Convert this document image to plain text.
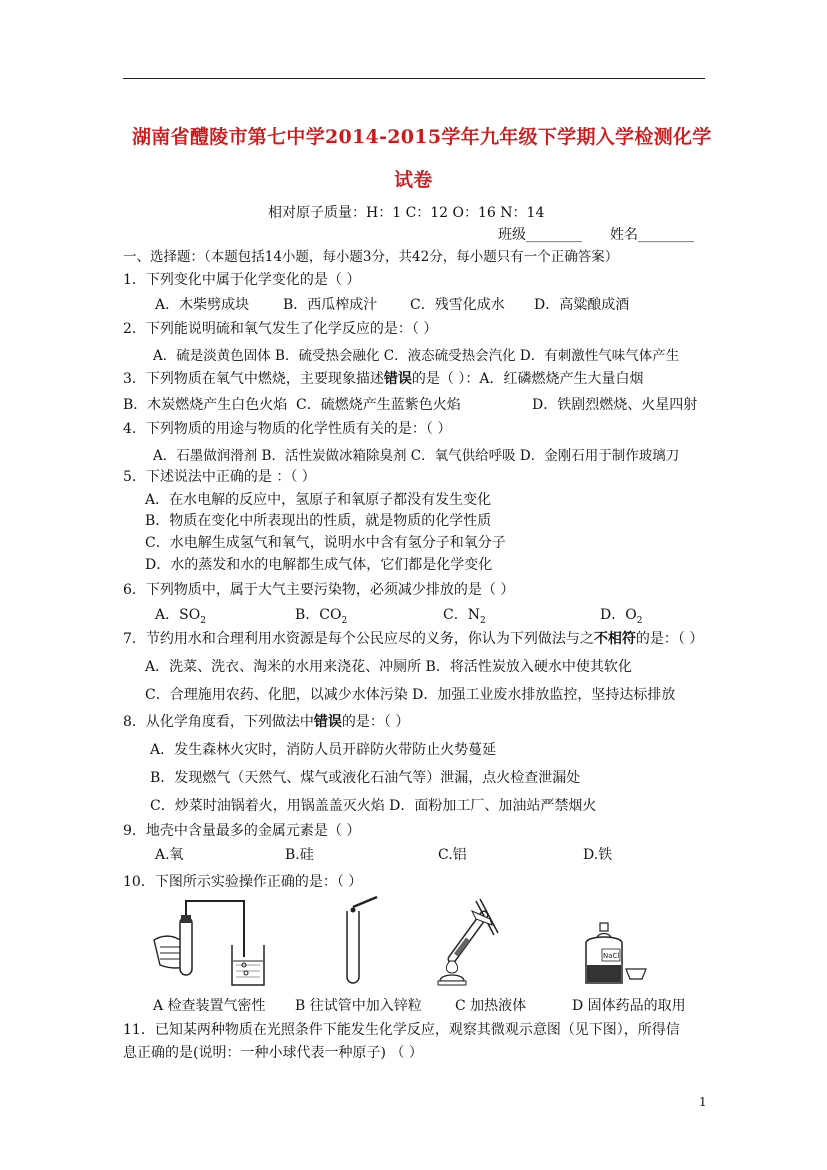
湖南省醴陵市第七中学2014-2015学年九年级下学期入学检测化学
试卷
相对原子质量：H：1 C：12 O：16 N：14
班级________ 姓名________
一、选择题：（本题包括14小题，每小题3分，共42分，每小题只有一个正确答案）
1．下列变化中属于化学变化的是（ ）
A．木柴劈成块 B．西瓜榨成汁 C．残雪化成水 D．高粱酿成酒
2．下列能说明硫和氧气发生了化学反应的是：（ ）
A．硫是淡黄色固体 B．硫受热会融化 C．液态硫受热会汽化 D．有刺激性气味气体产生
3．下列物质在氧气中燃烧，主要现象描述错误的是（ ）：A．红磷燃烧产生大量白烟
B．木炭燃烧产生白色火焰 C．硫燃烧产生蓝紫色火焰	D．铁剧烈燃烧、火星四射
4．下列物质的用途与物质的化学性质有关的是：（ ）
A．石墨做润滑剂 B．活性炭做冰箱除臭剂 C．氧气供给呼吸 D．金刚石用于制作玻璃刀
5．下述说法中正确的是 ：（ ）
A．在水电解的反应中，氢原子和氧原子都没有发生变化
B．物质在变化中所表现出的性质，就是物质的化学性质
C．水电解生成氢气和氧气，说明水中含有氢分子和氧分子
D．水的蒸发和水的电解都生成气体，它们都是化学变化
6．下列物质中，属于大气主要污染物，必须减少排放的是（ ）
A．$SO_2$	B．$CO_2$	C．$N_2$	D．$O_2$
7．节约用水和合理利用水资源是每个公民应尽的义务，你认为下列做法与之不相符的是：（ ）
A．洗菜、洗衣、淘米的水用来浇花、冲厕所 B．将活性炭放入硬水中使其软化
C．合理施用农药、化肥，以减少水体污染 D．加强工业废水排放监控，坚持达标排放
8．从化学角度看，下列做法中错误的是：（ ）
A．发生森林火灾时，消防人员开辟防火带防止火势蔓延
B．发现燃气（天然气、煤气或液化石油气等）泄漏，点火检查泄漏处
C．炒菜时油锅着火，用锅盖盖灭火焰 D．面粉加工厂、加油站严禁烟火
9．地壳中含量最多的金属元素是（ ）
A.氧	B.硅	C.铝	D.铁
10．下图所示实验操作正确的是：（ ）
NaCl
A 检查装置气密性 B 往试管中加入锌粒 C 加热液体	D 固体药品的取用
11．已知某两种物质在光照条件下能发生化学反应，观察其微观示意图（见下图），所得信
息正确的是(说明：一种小球代表一种原子) （ ）
1
